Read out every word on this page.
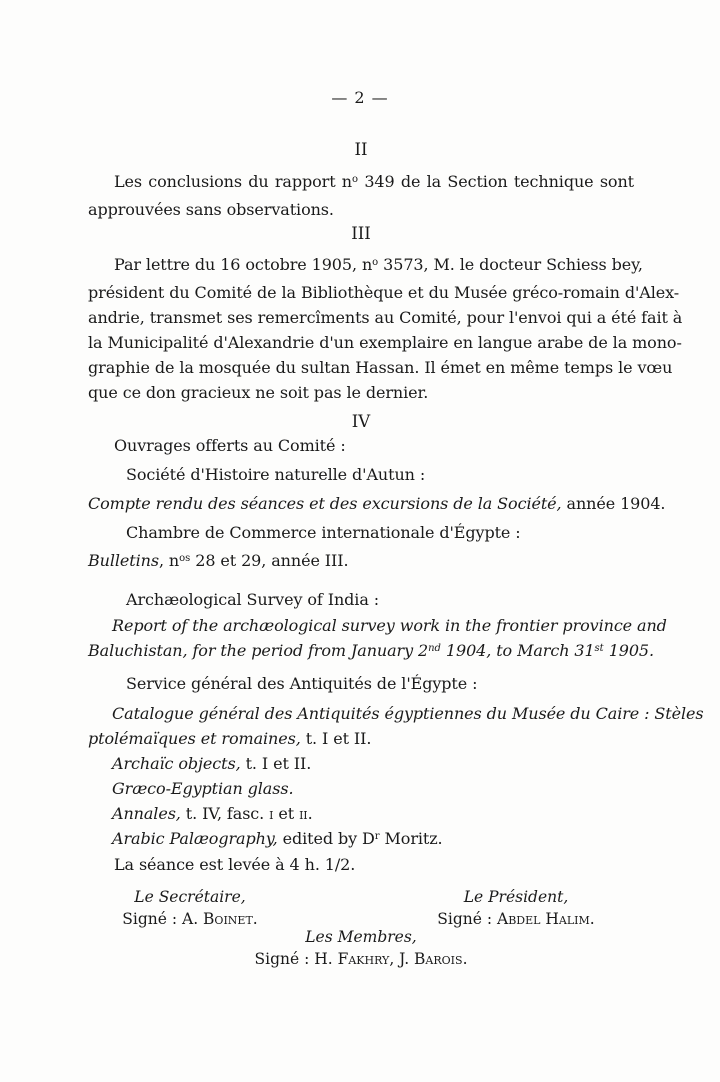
— 2 —
II
Les conclusions du rapport $n^o$ 349 de la Section technique sont
approuvées sans observations.
III
Par lettre du 16 octobre 1905, $n^o$ 3573, M. le docteur Schiess bey,
président du Comité de la Bibliothèque et du Musée gréco-romain d'Alex-
andrie, transmet ses remercîments au Comité, pour l'envoi qui a été fait à
la Municipalité d'Alexandrie d'un exemplaire en langue arabe de la mono-
graphie de la mosquée du sultan Hassan. Il émet en même temps le vœu
que ce don gracieux ne soit pas le dernier.
IV
Ouvrages offerts au Comité :
Société d'Histoire naturelle d'Autun :
Compte rendu des séances et des excursions de la Société, année 1904.
Chambre de Commerce internationale d'Égypte :
Bulletins, $n^{os}$ 28 et 29, année III.
Archæological Survey of India :
Report of the archæological survey work in the frontier province and
Baluchistan, for the period from January 2nd 1904, to March 31st 1905.
Service général des Antiquités de l'Égypte :
Catalogue général des Antiquités égyptiennes du Musée du Caire : Stèles
ptolémaïques et romaines, t. I et II.
Archaïc objects, t. I et II.
Græco-Egyptian glass.
Annales, t. IV, fasc. i et ii.
Arabic Palæography, edited by $D^r$ Moritz.
La séance est levée à 4 h. 1/2.
Le Secrétaire,
Signé : A. Boinet.
Le Président,
Signé : Abdel Halim.
Les Membres,
Signé : H. Fakhry, J. Barois.
